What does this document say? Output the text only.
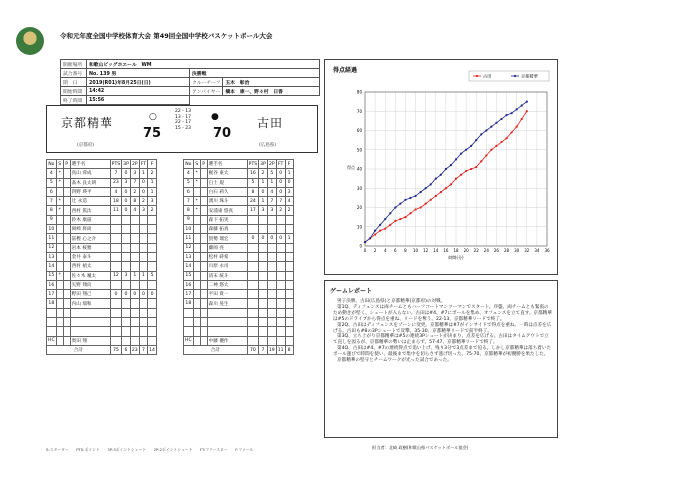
令和元年度全国中学校体育大会 第49回全国中学校バスケットボール大会
開催場所	和歌山ビッグホエール　WM		
試合番号	No. 139 男	決勝戦	
期　日	2019(R01)年8月25日(日)	クルーチーフ	玉木　彰治
開始時間	14:42	アンパイヤー	橋本　康一、野々村　日香
終了時間	15:56		
京都精華
(京都府)
○
75
22 - 13
13 - 17
22 - 17
15 - 23
●
70
古田
(広島県)
No	S	P	選手名	PTS	3P	2P	FT	F
4	*		真山 舜成	7	0	3	1	2
5	*		髙木 良太朗	23	3	7	0	1
6			四野 瑛平	4	0	2	0	1
7	*		辻 永造	18	0	8	2	3
8	*		西村 篤汰	11	0	4	3	2
9			鈴木 康晟					
10			岡崎 将尚					
11			冨樫 心之介					
12			岩本 桜雅					
13			金井 泰斗					
14			西村 禎太					
15	*		佐々木 颯太	12	3	1	1	5
16			矢野 翔向					
17			野田 翔己	0	0	0	0	0
18			内山 瑞和					

HC			奥田 翔					
合計				75	6	23	7	14
No	S	P	選手名	PTS	3P	2P	FT	F
4	*		梶谷 東太	16	2	5	0	1
5	*		臼土 規	5	1	1	0	0
6			白石 莉久	8	0	4	0	3
7	*		湧川 珠斗	24	1	7	7	4
8	*		安浦東 悠真	17	3	3	2	2
9			森下 拓実					
10			森藤 拓真					
11			賀勢 瑠宏	0	0	0	0	1
12			藤岡 亮					
13			松村 蒔希					
14			川原 永司					
15			清末 統斗					
16			二神 悠太					
17			平田 貴一					
18			森川 晃生					

HC			中藤 優作					
合計				70	7	19	11	8
S:スターター　　PTS:ポイント　　3P:3ポイントシュート　　2P:2ポイントシュート　　FT:フリースロー　　F:ファール
得点経過
0
10
20
30
40
50
60
70
80
0 2 4 6 8 10 12 14 16 18 20 22 24 26 28 30 32 34 36
時間(分)
得点
古田	京都精華
ゲームレポート

男子決勝、古田(広島県)と京都精華(京都府)の対戦。

第1Q、ディフェンスは両チームともハーフコートマンツーマンでスタート。序盤、両チームとも緊張のため動きが堅く、シュートが入らない。古田は#4、#7にボールを集め、オフェンスを立て直す。京都精華は#5のドライブから得点を重ね、リードを奪う。22-13、京都精華リードで終了。

第2Q、古田はディフェンスをゾーンに変更。京都精華は#7がインサイドで得点を重ね、一時は点差を広げる。古田も#8の3Pシュートで反撃。35-30、京都精華リードで前半終了。

第3Q、立ち上がり京都精華は#5の連続3Pシュートが決まり、点差を広げる。古田はタイムアウトで立て直しを図るが、京都精華の勢いは止まらず、57-47、京都精華リードで終了。

第4Q、古田は#4、#7の連続得点で追い上げ、残り3分で3点差まで迫る。しかし京都精華は落ち着いたボール運びで時間を使い、最後まで集中を切らさず逃げ切った。75-70、京都精華が初優勝を果たした。

京都精華の堅守とチームワークが光った試合であった。

担当者：北崎 政樹(和歌山県バスケットボール協会)
